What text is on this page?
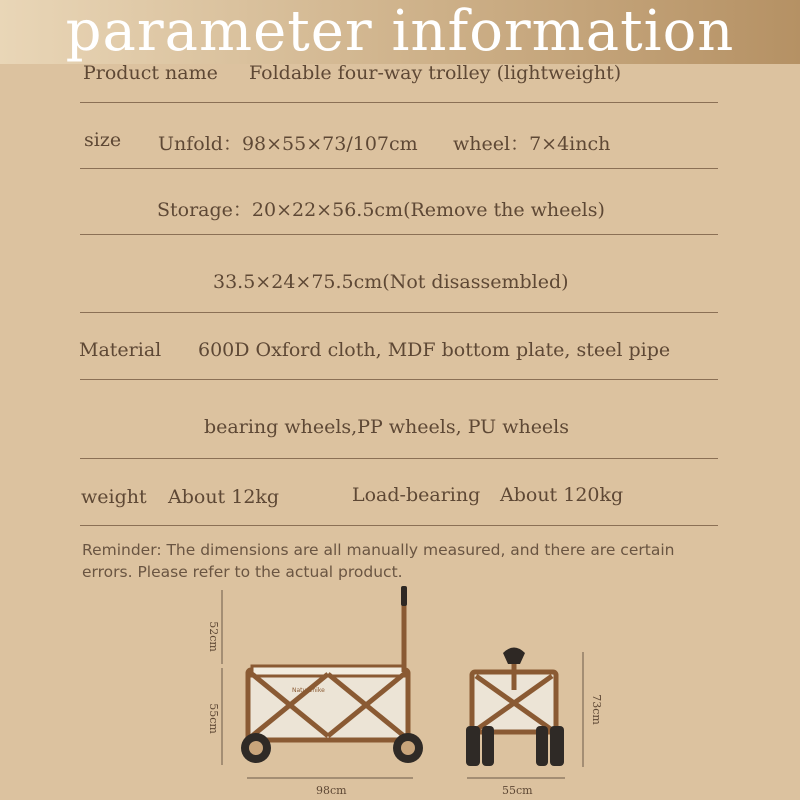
parameter information
Product name Foldable four-way trolley (lightweight)
size Unfold：98×55×73/107cm wheel：7×4inch
Storage：20×22×56.5cm(Remove the wheels)
33.5×24×75.5cm(Not disassembled)
Material 600D Oxford cloth, MDF bottom plate, steel pipe
bearing wheels,PP wheels, PU wheels
weight About 12kg	Load-bearing About 120kg
Reminder: The dimensions are all manually measured, and there are certain errors. Please refer to the actual product.
Naturehike
52cm
55cm
98cm	55cm
73cm
